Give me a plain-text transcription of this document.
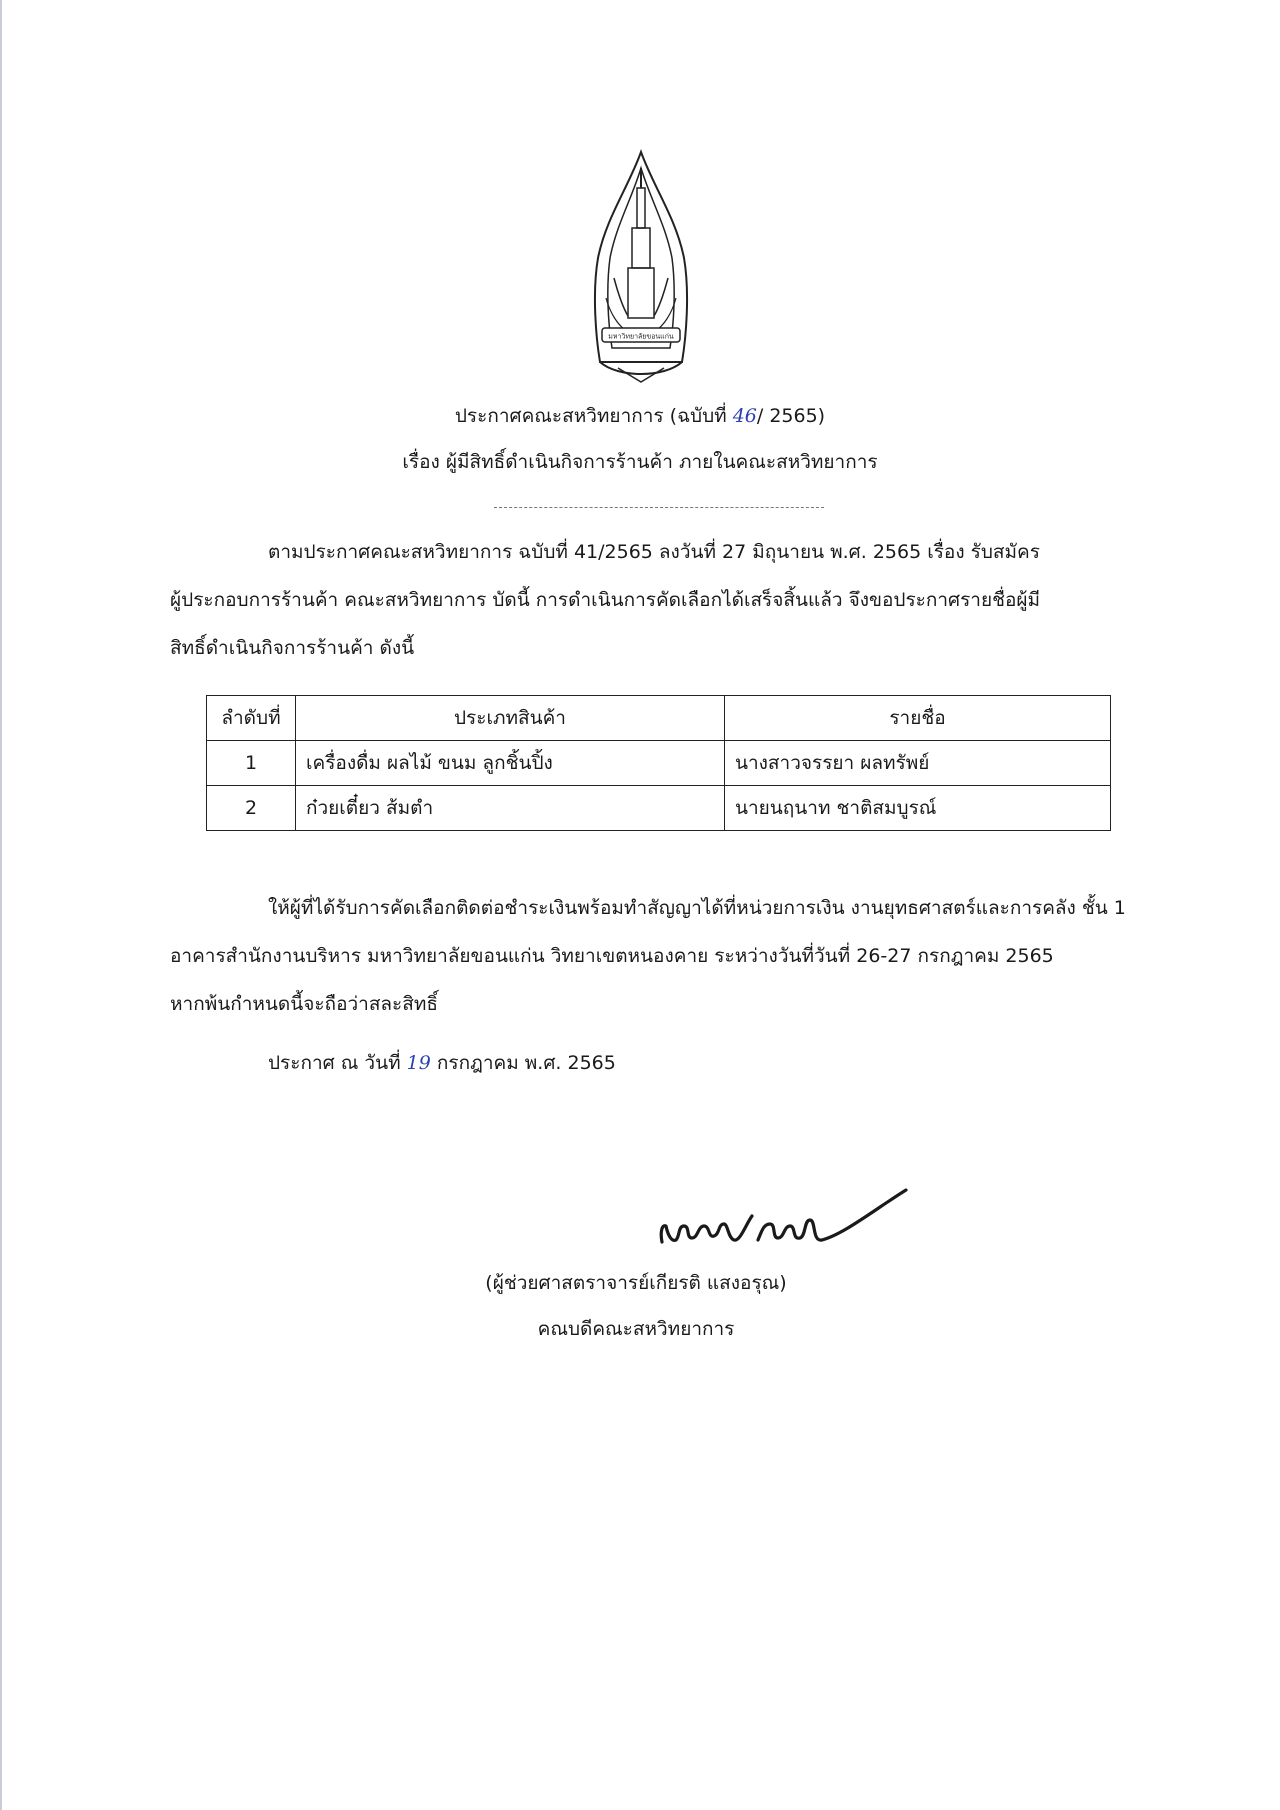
มหาวิทยาลัยขอนแก่น
ประกาศคณะสหวิทยาการ (ฉบับที่ 46/ 2565)
เรื่อง ผู้มีสิทธิ์ดำเนินกิจการร้านค้า ภายในคณะสหวิทยาการ
ตามประกาศคณะสหวิทยาการ ฉบับที่ 41/2565 ลงวันที่ 27 มิถุนายน พ.ศ. 2565 เรื่อง รับสมัคร
ผู้ประกอบการร้านค้า คณะสหวิทยาการ บัดนี้ การดำเนินการคัดเลือกได้เสร็จสิ้นแล้ว จึงขอประกาศรายชื่อผู้มี
สิทธิ์ดำเนินกิจการร้านค้า ดังนี้
ลำดับที่	ประเภทสินค้า	รายชื่อ
1	เครื่องดื่ม ผลไม้ ขนม ลูกชิ้นปิ้ง	นางสาวจรรยา ผลทรัพย์
2	ก๋วยเตี๋ยว ส้มตำ	นายนฤนาท ชาติสมบูรณ์
ให้ผู้ที่ได้รับการคัดเลือกติดต่อชำระเงินพร้อมทำสัญญาได้ที่หน่วยการเงิน งานยุทธศาสตร์และการคลัง ชั้น 1
อาคารสำนักงานบริหาร มหาวิทยาลัยขอนแก่น วิทยาเขตหนองคาย ระหว่างวันที่วันที่ 26-27 กรกฎาคม 2565
หากพ้นกำหนดนี้จะถือว่าสละสิทธิ์
ประกาศ ณ วันที่ 19 กรกฎาคม พ.ศ. 2565
(ผู้ช่วยศาสตราจารย์เกียรติ แสงอรุณ)
คณบดีคณะสหวิทยาการ
